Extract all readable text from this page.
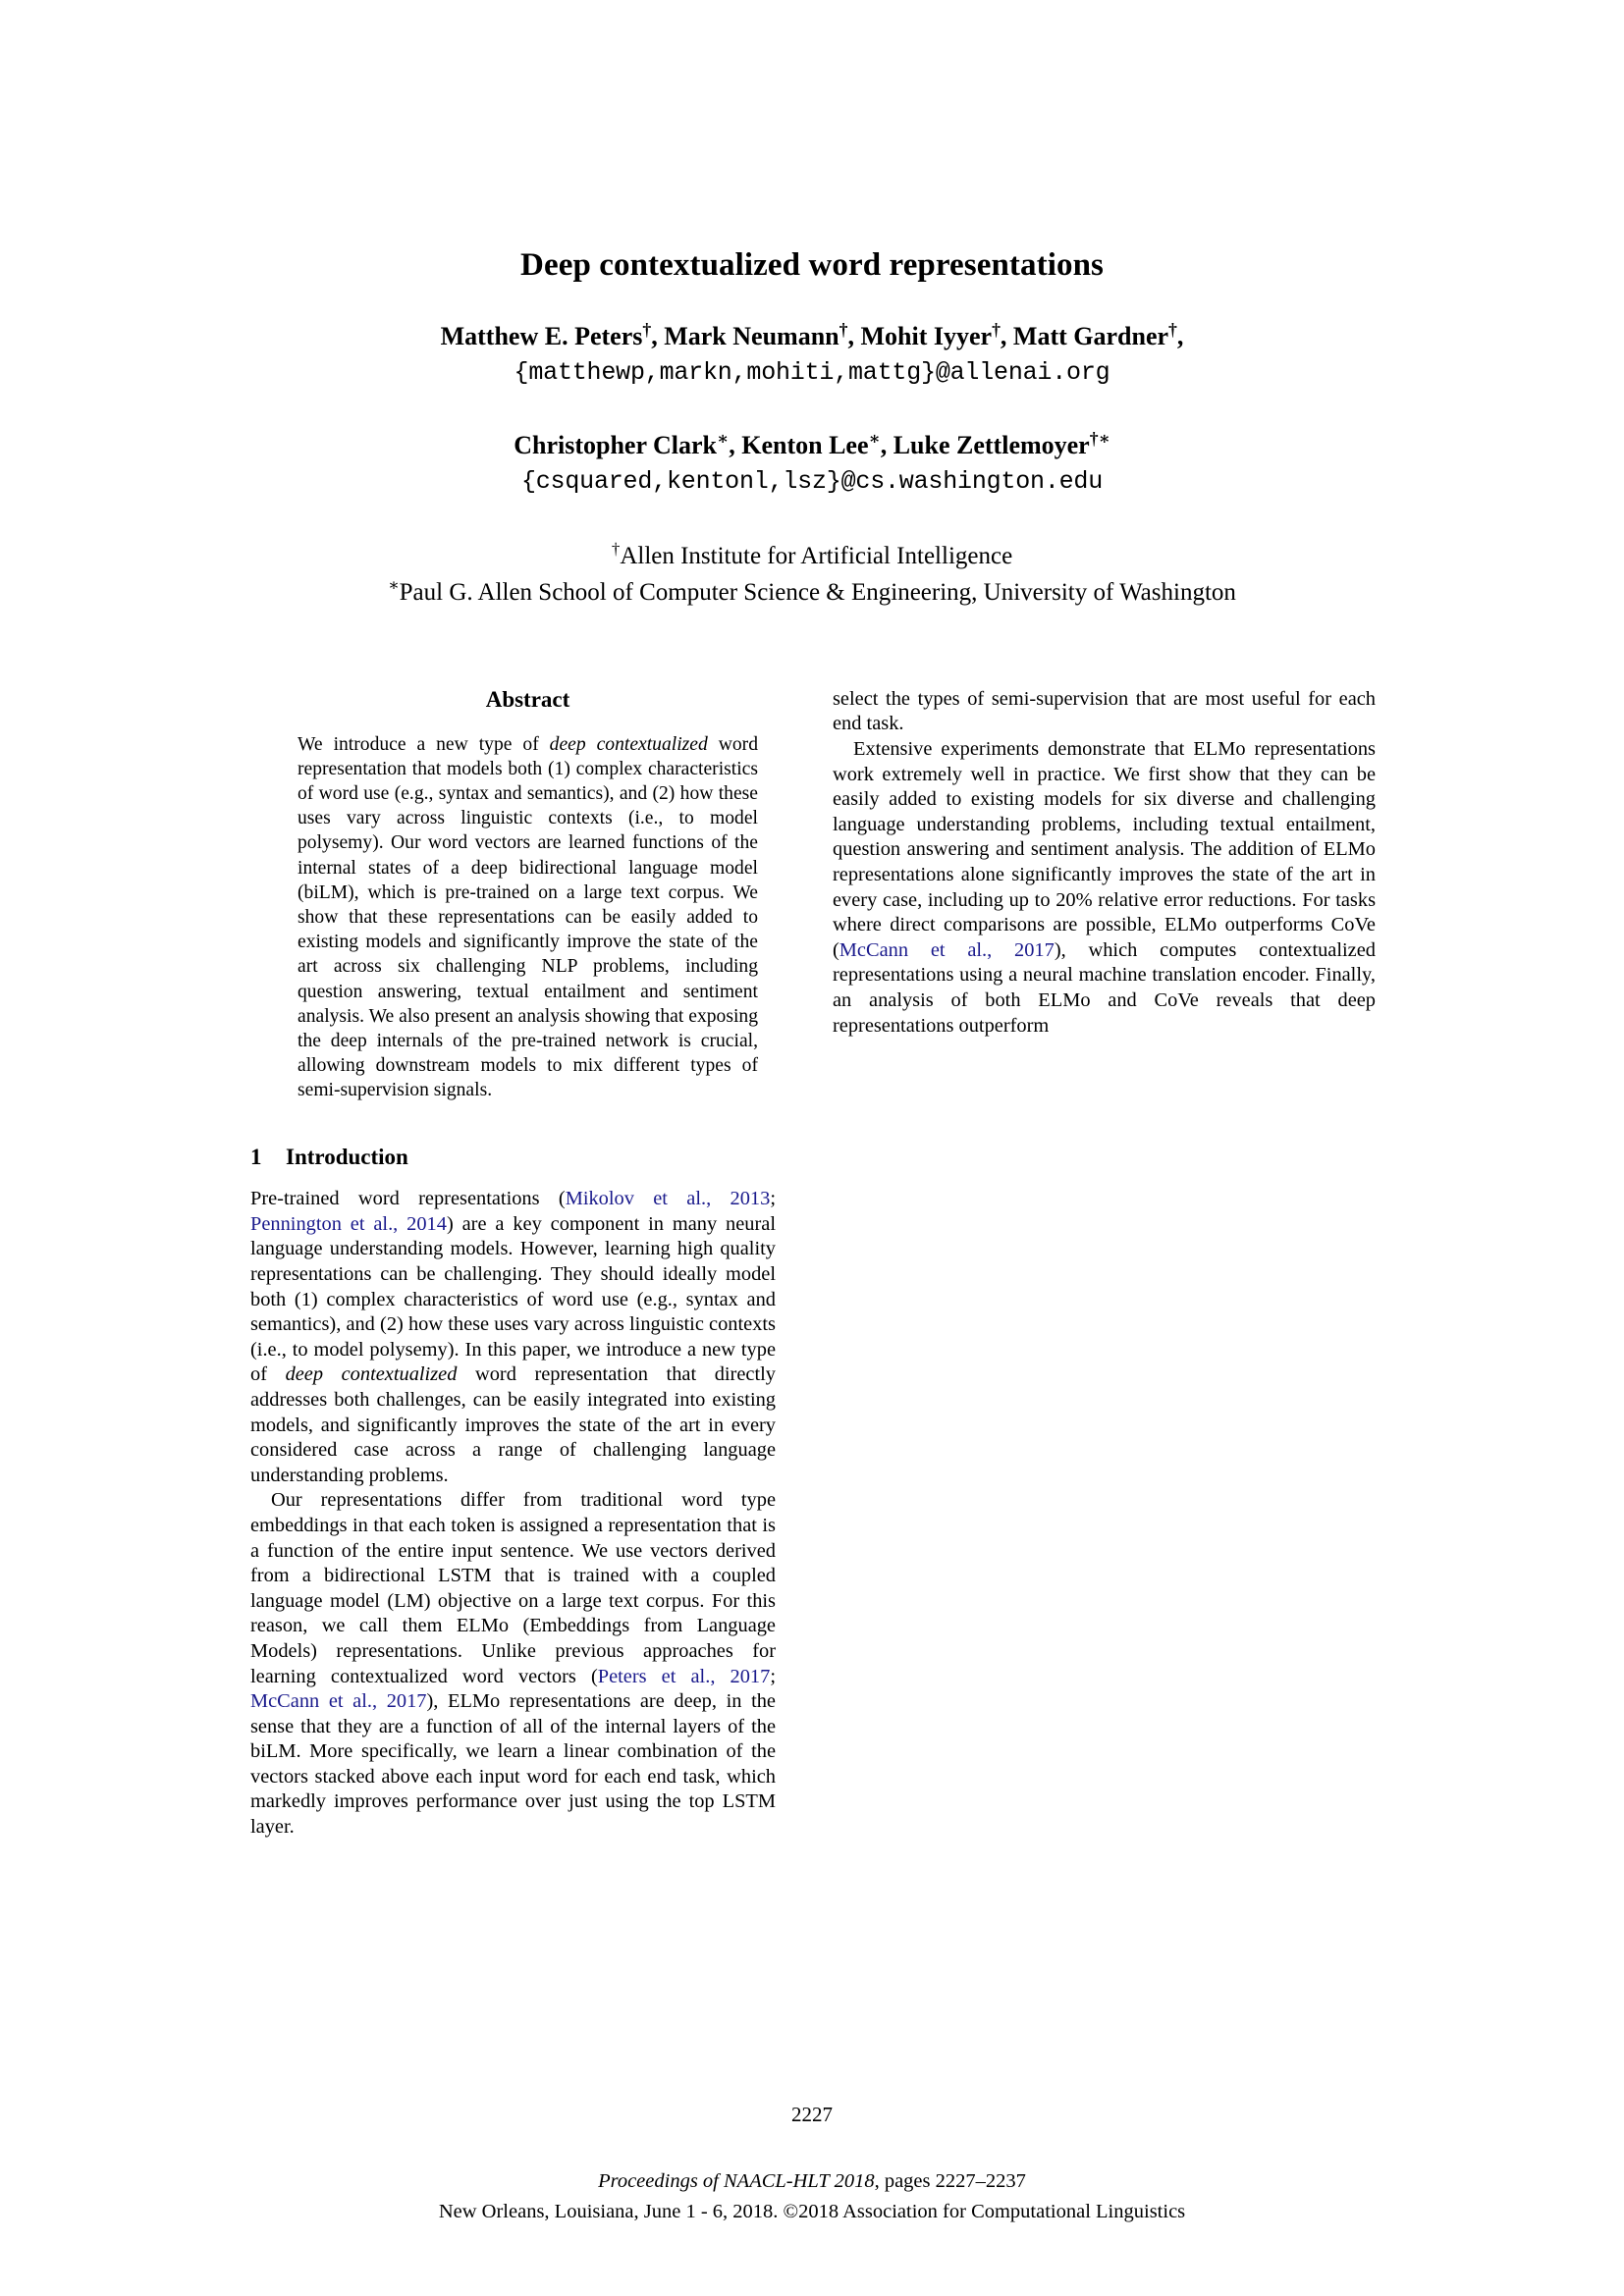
Deep contextualized word representations
Matthew E. Peters†, Mark Neumann†, Mohit Iyyer†, Matt Gardner†,
{matthewp,markn,mohiti,mattg}@allenai.org
Christopher Clark∗, Kenton Lee∗, Luke Zettlemoyer†∗
{csquared,kentonl,lsz}@cs.washington.edu
†Allen Institute for Artificial Intelligence
∗Paul G. Allen School of Computer Science & Engineering, University of Washington
Abstract
We introduce a new type of deep contextualized word representation that models both (1) complex characteristics of word use (e.g., syntax and semantics), and (2) how these uses vary across linguistic contexts (i.e., to model polysemy). Our word vectors are learned functions of the internal states of a deep bidirectional language model (biLM), which is pre-trained on a large text corpus. We show that these representations can be easily added to existing models and significantly improve the state of the art across six challenging NLP problems, including question answering, textual entailment and sentiment analysis. We also present an analysis showing that exposing the deep internals of the pre-trained network is crucial, allowing downstream models to mix different types of semi-supervision signals.
1 Introduction

Pre-trained word representations (Mikolov et al., 2013; Pennington et al., 2014) are a key component in many neural language understanding models. However, learning high quality representations can be challenging. They should ideally model both (1) complex characteristics of word use (e.g., syntax and semantics), and (2) how these uses vary across linguistic contexts (i.e., to model polysemy). In this paper, we introduce a new type of deep contextualized word representation that directly addresses both challenges, can be easily integrated into existing models, and significantly improves the state of the art in every considered case across a range of challenging language understanding problems.

Our representations differ from traditional word type embeddings in that each token is assigned a representation that is a function of the entire input sentence. We use vectors derived from a bidirectional LSTM that is trained with a coupled language model (LM) objective on a large text corpus. For this reason, we call them ELMo (Embeddings from Language Models) representations. Unlike previous approaches for learning contextualized word vectors (Peters et al., 2017; McCann et al., 2017), ELMo representations are deep, in the sense that they are a function of all of the internal layers of the biLM. More specifically, we learn a linear combination of the vectors stacked above each input word for each end task, which markedly improves performance over just using the top LSTM layer.

select the types of semi-supervision that are most useful for each end task.

Extensive experiments demonstrate that ELMo representations work extremely well in practice. We first show that they can be easily added to existing models for six diverse and challenging language understanding problems, including textual entailment, question answering and sentiment analysis. The addition of ELMo representations alone significantly improves the state of the art in every case, including up to 20% relative error reductions. For tasks where direct comparisons are possible, ELMo outperforms CoVe (McCann et al., 2017), which computes contextualized representations using a neural machine translation encoder. Finally, an analysis of both ELMo and CoVe reveals that deep representations outperform

2227
Proceedings of NAACL-HLT 2018, pages 2227–2237
New Orleans, Louisiana, June 1 - 6, 2018. ©2018 Association for Computational Linguistics
